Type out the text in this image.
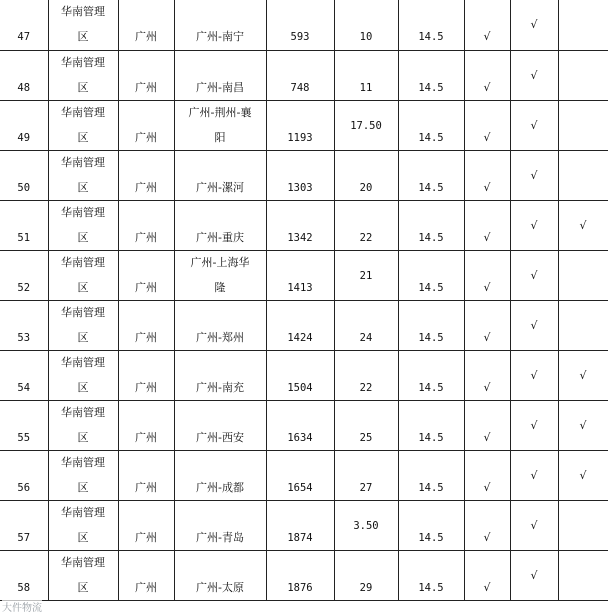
47	华南管理
区	广州	广州-南宁	593	10	14.5	√	√	

48	华南管理
区	广州	广州-南昌	748	11	14.5	√	√	

49	华南管理
区	广州	广州-荆州-襄
阳	1193	17.50	14.5	√	√	

50	华南管理
区	广州	广州-漯河	1303	20	14.5	√	√	

51	华南管理
区	广州	广州-重庆	1342	22	14.5	√	√	√

52	华南管理
区	广州	广州-上海华
隆	1413	21	14.5	√	√	

53	华南管理
区	广州	广州-郑州	1424	24	14.5	√	√	

54	华南管理
区	广州	广州-南充	1504	22	14.5	√	√	√

55	华南管理
区	广州	广州-西安	1634	25	14.5	√	√	√

56	华南管理
区	广州	广州-成都	1654	27	14.5	√	√	√

57	华南管理
区	广州	广州-青岛	1874	3.50	14.5	√	√	

58	华南管理
区	广州	广州-太原	1876	29	14.5	√	√	

大件物流
